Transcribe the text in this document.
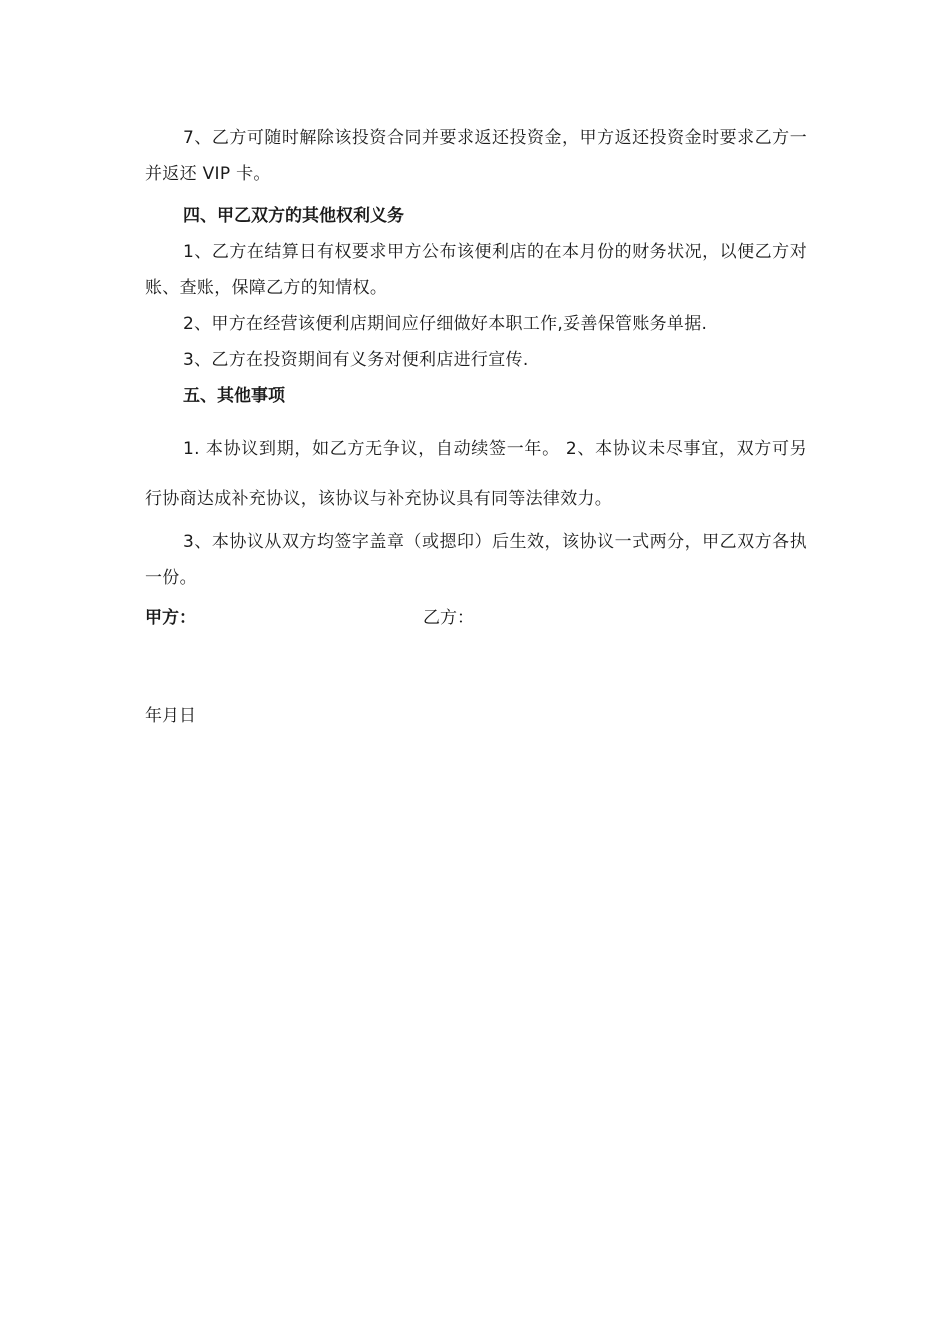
7、乙方可随时解除该投资合同并要求返还投资金，甲方返还投资金时要求乙方一并返还 VIP 卡。

四、甲乙双方的其他权利义务

1、乙方在结算日有权要求甲方公布该便利店的在本月份的财务状况，以便乙方对账、查账，保障乙方的知情权。

2、甲方在经营该便利店期间应仔细做好本职工作,妥善保管账务单据.

3、乙方在投资期间有义务对便利店进行宣传.

五、其他事项

1. 本协议到期，如乙方无争议，自动续签一年。 2、本协议未尽事宜，双方可另行协商达成补充协议，该协议与补充协议具有同等法律效力。

3、本协议从双方均签字盖章（或摁印）后生效，该协议一式两分，甲乙双方各执一份。

甲方：	乙方：
年月日
